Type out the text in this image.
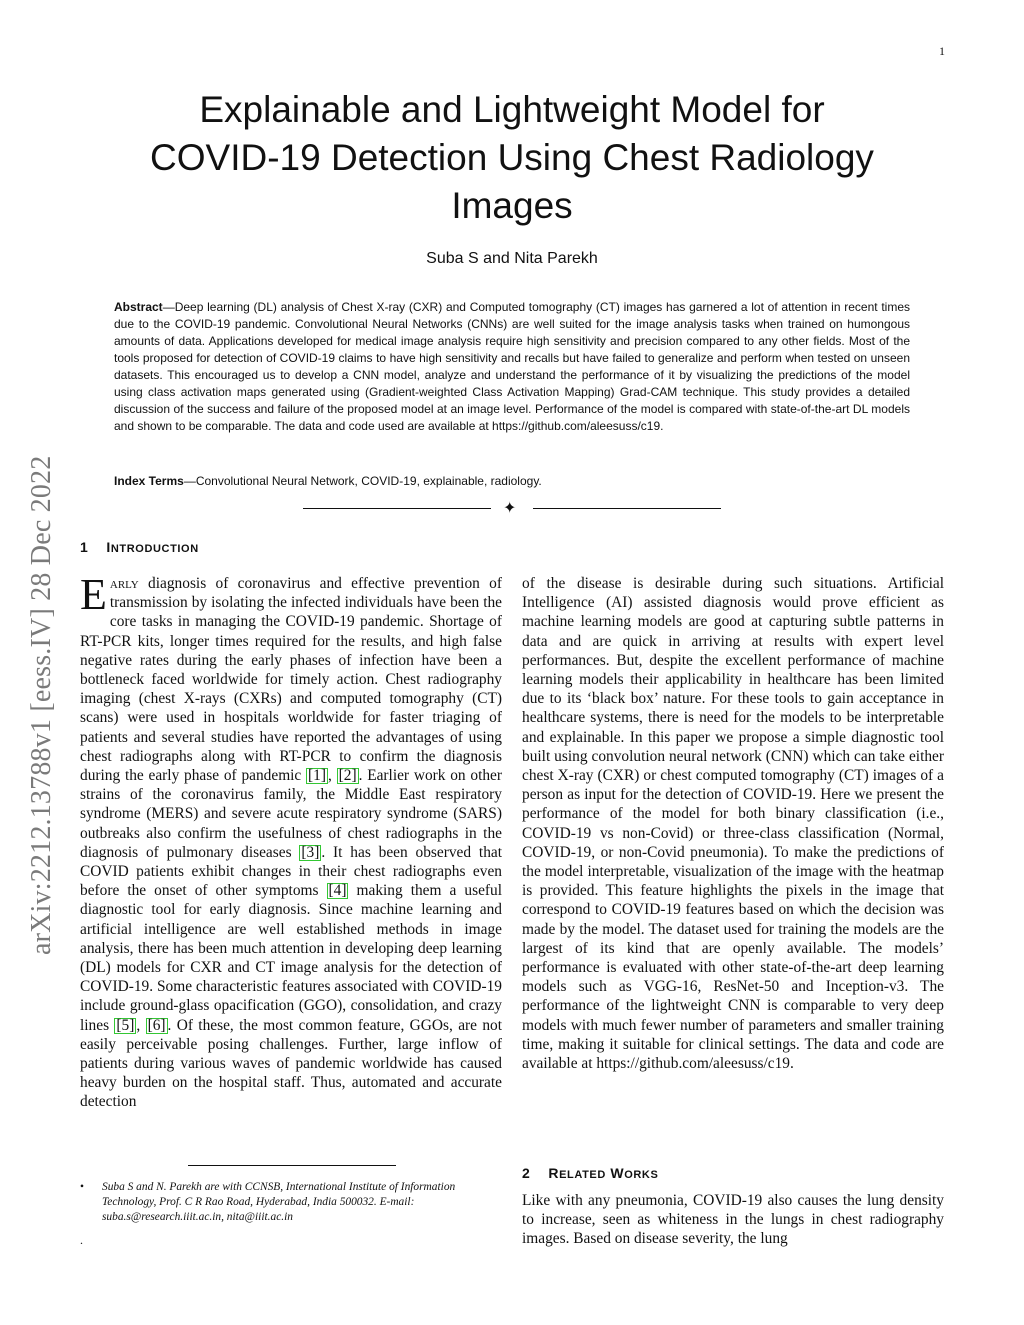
1
arXiv:2212.13788v1 [eess.IV] 28 Dec 2022
Explainable and Lightweight Model for
COVID-19 Detection Using Chest Radiology
Images
Suba S and Nita Parekh

Abstract—Deep learning (DL) analysis of Chest X-ray (CXR) and Computed tomography (CT) images has garnered a lot of attention in recent times due to the COVID-19 pandemic. Convolutional Neural Networks (CNNs) are well suited for the image analysis tasks when trained on humongous amounts of data. Applications developed for medical image analysis require high sensitivity and precision compared to any other fields. Most of the tools proposed for detection of COVID-19 claims to have high sensitivity and recalls but have failed to generalize and perform when tested on unseen datasets. This encouraged us to develop a CNN model, analyze and understand the performance of it by visualizing the predictions of the model using class activation maps generated using (Gradient-weighted Class Activation Mapping) Grad-CAM technique. This study provides a detailed discussion of the success and failure of the proposed model at an image level. Performance of the model is compared with state-of-the-art DL models and shown to be comparable. The data and code used are available at https://github.com/aleesuss/c19.

Index Terms—Convolutional Neural Network, COVID-19, explainable, radiology.

✦
1 INTRODUCTION

Early diagnosis of coronavirus and effective prevention of transmission by isolating the infected individuals have been the core tasks in managing the COVID-19 pandemic. Shortage of RT-PCR kits, longer times required for the results, and high false negative rates during the early phases of infection have been a bottleneck faced worldwide for timely action. Chest radiography imaging (chest X-rays (CXRs) and computed tomography (CT) scans) were used in hospitals worldwide for faster triaging of patients and several studies have reported the advantages of using chest radiographs along with RT-PCR to confirm the diagnosis during the early phase of pandemic [1] , [2] . Earlier work on other strains of the coronavirus family, the Middle East respiratory syndrome (MERS) and severe acute respiratory syndrome (SARS) outbreaks also confirm the usefulness of chest radiographs in the diagnosis of pulmonary diseases [3] . It has been observed that COVID patients exhibit changes in their chest radiographs even before the onset of other symptoms [4] making them a useful diagnostic tool for early diagnosis. Since machine learning and artificial intelligence are well established methods in image analysis, there has been much attention in developing deep learning (DL) models for CXR and CT image analysis for the detection of COVID-19. Some characteristic features associated with COVID-19 include ground-glass opacification (GGO), consolidation, and crazy lines [5] , [6] . Of these, the most common feature, GGOs, are not easily perceivable posing challenges. Further, large inflow of patients during various waves of pandemic worldwide has caused heavy burden on the hospital staff. Thus, automated and accurate detection

of the disease is desirable during such situations. Artificial Intelligence (AI) assisted diagnosis would prove efficient as machine learning models are good at capturing subtle patterns in data and are quick in arriving at results with expert level performances. But, despite the excellent performance of machine learning models their applicability in healthcare has been limited due to its ‘black box’ nature. For these tools to gain acceptance in healthcare systems, there is need for the models to be interpretable and explainable. In this paper we propose a simple diagnostic tool built using convolution neural network (CNN) which can take either chest X-ray (CXR) or chest computed tomography (CT) images of a person as input for the detection of COVID-19. Here we present the performance of the model for both binary classification (i.e., COVID-19 vs non-Covid) or three-class classification (Normal, COVID-19, or non-Covid pneumonia). To make the predictions of the model interpretable, visualization of the image with the heatmap is provided. This feature highlights the pixels in the image that correspond to COVID-19 features based on which the decision was made by the model. The dataset used for training the models are the largest of its kind that are openly available. The models’ performance is evaluated with other state-of-the-art deep learning models such as VGG-16, ResNet-50 and Inception-v3. The performance of the lightweight CNN is comparable to very deep models with much fewer number of parameters and smaller training time, making it suitable for clinical settings. The data and code are available at https://github.com/aleesuss/c19.

2 RELATED WORKS

Like with any pneumonia, COVID-19 also causes the lung density to increase, seen as whiteness in the lungs in chest radiography images. Based on disease severity, the lung

• Suba S and N. Parekh are with CCNSB, International Institute of Information Technology, Prof. C R Rao Road, Hyderabad, India 500032. E-mail: suba.s@research.iiit.ac.in, nita@iiit.ac.in
.
